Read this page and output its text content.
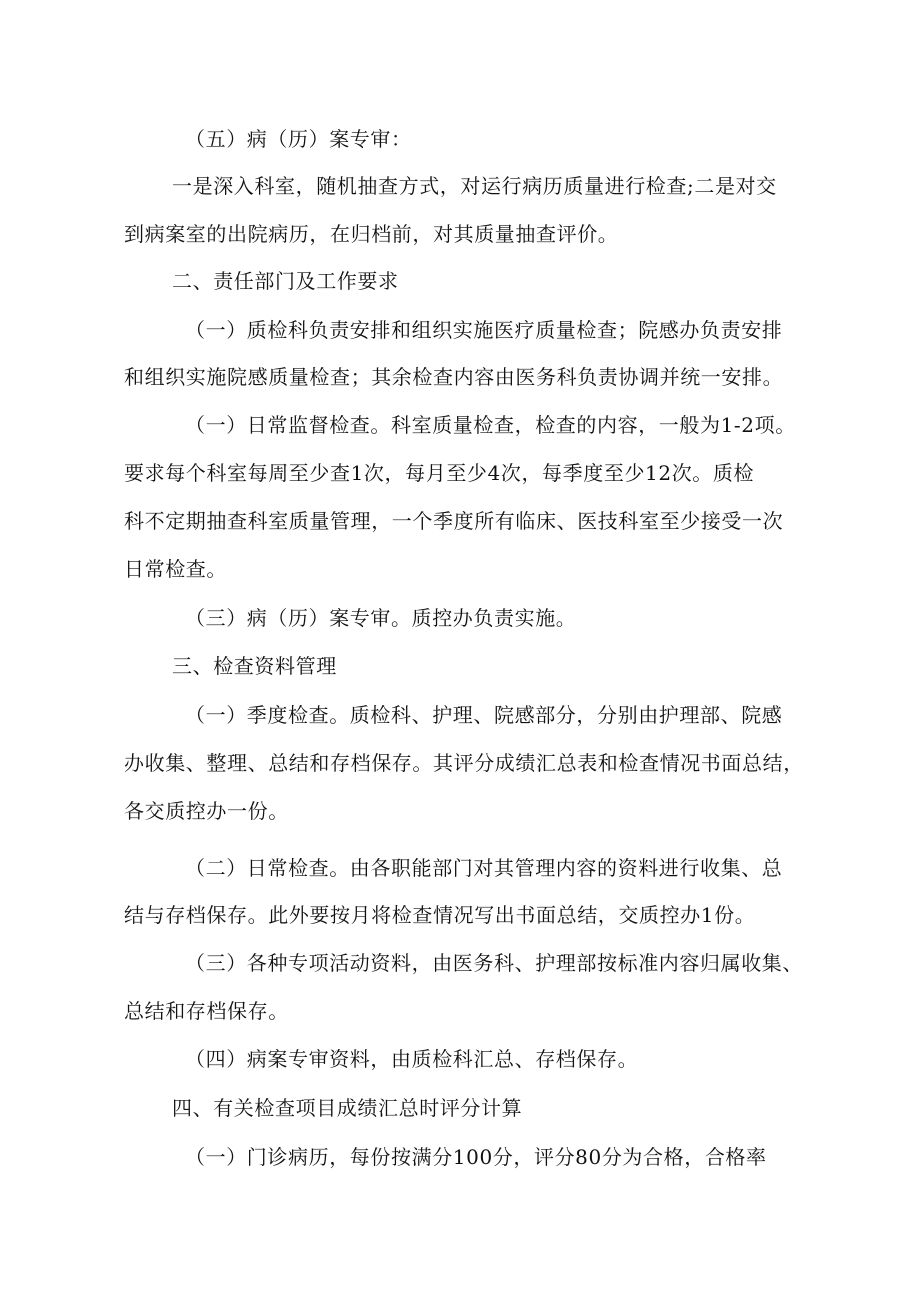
（五）病（历）案专审：
一是深入科室，随机抽查方式，对运行病历质量进行检查;二是对交
到病案室的出院病历，在归档前，对其质量抽查评价。
二、责任部门及工作要求
（一）质检科负责安排和组织实施医疗质量检查；院感办负责安排
和组织实施院感质量检查；其余检查内容由医务科负责协调并统一安排。
（一）日常监督检查。科室质量检查，检查的内容，一般为1-2项。
要求每个科室每周至少查1次，每月至少4次，每季度至少12次。质检
科不定期抽查科室质量管理，一个季度所有临床、医技科室至少接受一次
日常检查。
（三）病（历）案专审。质控办负责实施。
三、检查资料管理
（一）季度检查。质检科、护理、院感部分，分别由护理部、院感
办收集、整理、总结和存档保存。其评分成绩汇总表和检查情况书面总结，
各交质控办一份。
（二）日常检查。由各职能部门对其管理内容的资料进行收集、总
结与存档保存。此外要按月将检查情况写出书面总结，交质控办1份。
（三）各种专项活动资料，由医务科、护理部按标准内容归属收集、
总结和存档保存。
（四）病案专审资料，由质检科汇总、存档保存。
四、有关检查项目成绩汇总时评分计算
（一）门诊病历，每份按满分100分，评分80分为合格，合格率
